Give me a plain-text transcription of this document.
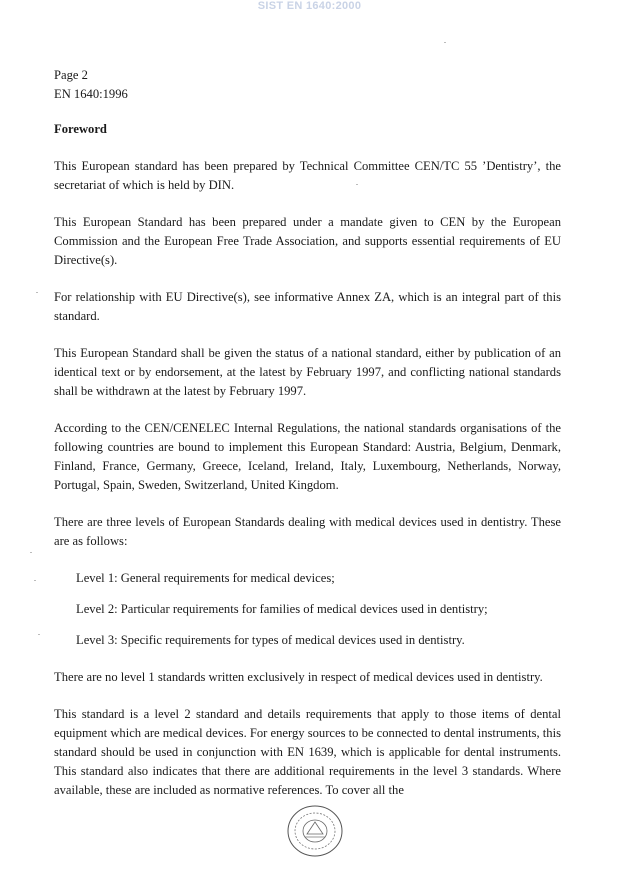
SIST EN 1640:2000
Page 2
EN 1640:1996
Foreword

This European standard has been prepared by Technical Committee CEN/TC 55 ’Dentistry’, the secretariat of which is held by DIN.

This European Standard has been prepared under a mandate given to CEN by the European Commission and the European Free Trade Association, and supports essential requirements of EU Directive(s).

For relationship with EU Directive(s), see informative Annex ZA, which is an integral part of this standard.

This European Standard shall be given the status of a national standard, either by publication of an identical text or by endorsement, at the latest by February 1997, and conflicting national standards shall be withdrawn at the latest by February 1997.

According to the CEN/CENELEC Internal Regulations, the national standards organisations of the following countries are bound to implement this European Standard: Austria, Belgium, Denmark, Finland, France, Germany, Greece, Iceland, Ireland, Italy, Luxembourg, Netherlands, Norway, Portugal, Spain, Sweden, Switzerland, United Kingdom.

There are three levels of European Standards dealing with medical devices used in dentistry. These are as follows:

Level 1: General requirements for medical devices;
Level 2: Particular requirements for families of medical devices used in dentistry;
Level 3: Specific requirements for types of medical devices used in dentistry.

There are no level 1 standards written exclusively in respect of medical devices used in dentistry.

This standard is a level 2 standard and details requirements that apply to those items of dental equipment which are medical devices. For energy sources to be connected to dental instruments, this standard should be used in conjunction with EN 1639, which is applicable for dental instruments. This standard also indicates that there are additional requirements in the level 3 standards. Where available, these are included as normative references. To cover all the
